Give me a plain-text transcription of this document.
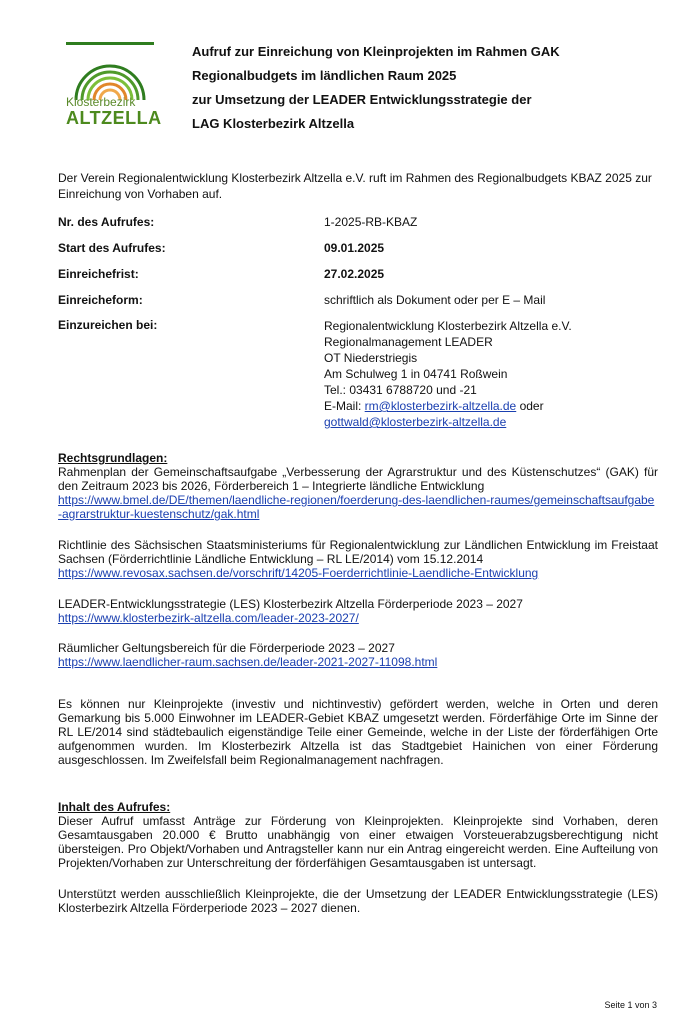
Klosterbezirk
ALTZELLA
Aufruf zur Einreichung von Kleinprojekten im Rahmen GAK
Regionalbudgets im ländlichen Raum 2025
zur Umsetzung der LEADER Entwicklungsstrategie der
LAG Klosterbezirk Altzella
Der Verein Regionalentwicklung Klosterbezirk Altzella e.V. ruft im Rahmen des Regionalbudgets KBAZ 2025 zur Einreichung von Vorhaben auf.
Nr. des Aufrufes:	1-2025-RB-KBAZ
Start des Aufrufes:	09.01.2025
Einreichefrist:	27.02.2025
Einreicheform:	schriftlich als Dokument oder per E – Mail
Einzureichen bei:	Regionalentwicklung Klosterbezirk Altzella e.V.
Regionalmanagement LEADER
OT Niederstriegis
Am Schulweg 1 in 04741 Roßwein
Tel.: 03431 6788720 und -21
E-Mail: rm@klosterbezirk-altzella.de oder
gottwald@klosterbezirk-altzella.de

Rechtsgrundlagen:

Rahmenplan der Gemeinschaftsaufgabe „Verbesserung der Agrarstruktur und des Küstenschutzes“ (GAK) für den Zeitraum 2023 bis 2026, Förderbereich 1 – Integrierte ländliche Entwicklung

https://www.bmel.de/DE/themen/laendliche-regionen/foerderung-des-laendlichen-raumes/gemeinschaftsaufgabe-agrarstruktur-kuestenschutz/gak.html

Richtlinie des Sächsischen Staatsministeriums für Regionalentwicklung zur Ländlichen Entwicklung im Freistaat Sachsen (Förderrichtlinie Ländliche Entwicklung – RL LE/2014) vom 15.12.2014

https://www.revosax.sachsen.de/vorschrift/14205-Foerderrichtlinie-Laendliche-Entwicklung

LEADER-Entwicklungsstrategie (LES) Klosterbezirk Altzella Förderperiode 2023 – 2027

https://www.klosterbezirk-altzella.com/leader-2023-2027/

Räumlicher Geltungsbereich für die Förderperiode 2023 – 2027

https://www.laendlicher-raum.sachsen.de/leader-2021-2027-11098.html

Es können nur Kleinprojekte (investiv und nichtinvestiv) gefördert werden, welche in Orten und deren Gemarkung bis 5.000 Einwohner im LEADER-Gebiet KBAZ umgesetzt werden. Förderfähige Orte im Sinne der RL LE/2014 sind städtebaulich eigenständige Teile einer Gemeinde, welche in der Liste der förderfähigen Orte aufgenommen wurden. Im Klosterbezirk Altzella ist das Stadtgebiet Hainichen von einer Förderung ausgeschlossen. Im Zweifelsfall beim Regionalmanagement nachfragen.

Inhalt des Aufrufes:

Dieser Aufruf umfasst Anträge zur Förderung von Kleinprojekten. Kleinprojekte sind Vorhaben, deren Gesamtausgaben 20.000 € Brutto unabhängig von einer etwaigen Vorsteuerabzugsberechtigung nicht übersteigen. Pro Objekt/Vorhaben und Antragsteller kann nur ein Antrag eingereicht werden. Eine Aufteilung von Projekten/Vorhaben zur Unterschreitung der förderfähigen Gesamtausgaben ist untersagt.

Unterstützt werden ausschließlich Kleinprojekte, die der Umsetzung der LEADER Entwicklungsstrategie (LES) Klosterbezirk Altzella Förderperiode 2023 – 2027 dienen.
Seite 1 von 3
